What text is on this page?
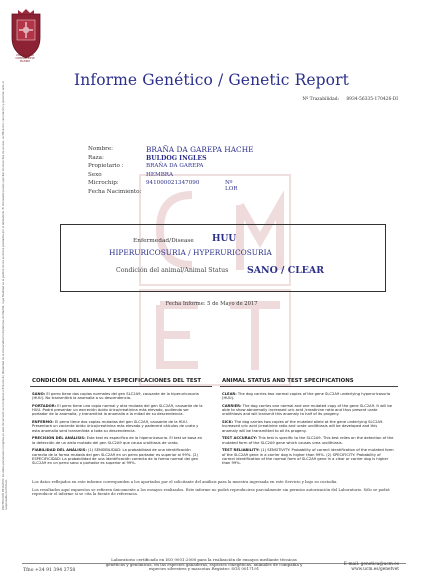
UNIVERSIDAD
COMPLUTENSE
MADRID
PROTECCIÓN DE DATOS: los datos personales recogidos en este documento se incorporan a ficheros de titularidad de la Universidad Complutense de Madrid, cuya finalidad es la gestión de los servicios prestados por el laboratorio. El interesado puede ejercitar los derechos de acceso, rectificación, cancelación y oposición ante el responsable del fichero.
Informe Genético / Genetic Report
Nº Trazabilidad: 8934-56335-170426-DI
Nombre:	BRAÑA DA GAREPA HACHE
Raza:	BULDOG INGLES
Propietario :	BRAÑA DA GAREPA
Sexo	HEMBRA
Microchip:	941000021347090	Nº LOR
Fecha Nacimiento:
Enfermedad/Disease HUU
HIPERURICOSURIA / HYPERURICOSURIA
Condición del animal/Animal Status SANO / CLEAR
Fecha Informe: 5 de Mayo de 2017
CONDICIÓN DEL ANIMAL Y ESPECIFICACIONES DEL TEST	ANIMAL STATUS AND TEST SPECIFICATIONS

SANO: El perro tiene dos copias normales del gen SLC2A9, causante de la hiperuricosuria (HUU). No transmitirá la anomalía a su descendencia.

PORTADOR: El perro tiene una copia normal y otra mutada del gen SLC2A9, causante de la HUU. Podrá presentar un excreción ácido úrico/creatinina más elevado, pudiendo ser portador de la anomalía, y transmitirá la anomalía a la mitad de su descendencia.

ENFERMO: El perro tiene dos copias mutadas del gen SLC2A9, causante de la HUU. Presentará un cociente ácido úrico/creatinina más elevado y padecerá cálculos de urato y esta anomalía será transmitida a toda su descendencia.

PRECISIÓN DEL ANÁLISIS: Este test es específico de la hiperuricosuria. El test se basa en la detección de un alelo mutado del gen SLC2A9 que causa urolitiasis de urato.

FIABILIDAD DEL ANÁLISIS: (1) SENSIBILIDAD: La probabilidad de una identificación correcta de la forma mutada del gen SLC2A9 en un perro portador es superior al 99%. (2) ESPECIFICIDAD: La probabilidad de una identificación correcta de la forma normal del gen SLC2A9 en un perro sano o portador es superior al 99%.

CLEAR: The dog carries two normal copies of the gene SLC2A9 underlying hyperuricosuria (HUU).

CARRIER: The dog carries one normal and one mutated copy of the gene SLC2A9. It will be able to show abnormally increased uric acid /creatinine ratio and thus present urate urolithiasis and will transmit this anomaly to half of its progeny.

SICK: The dog carries two copies of the mutated allele at the gene underlying SLC2A9. Increased uric acid /creatinine ratio and urate urolithiasis will be developed and this anomaly will be transmitted to all its progeny.

TEST ACCURACY: This test is specific to the SLC2A9. This test relies on the detection of the mutated form of the SLC2A9 gene which causes urea urolithiasis.

TEST RELIABILITY: (1) SENSITIVITY: Probability of correct identification of the mutated form of the SLC2A9 gene in a carrier dog is higher than 99%. (2) SPECIFICITY: Probability of correct identification of the normal form of SLC2A9 gene in a clear or carrier dog is higher than 99%.

Los datos reflejados en este informe corresponden a los aportados por el solicitante del análisis para la muestra ingresada en este Servicio y bajo su custodia.

Los resultados aquí expuestos se refieren únicamente a los ensayos realizados. Este informe no podrá reproducirse parcialmente sin permiso autorización del Laboratorio. Sólo se podrá reproducir el informe si se cita la fuente de referencia.

Tfno +34 91 394 3758
Laboratorio certificado en ISO 9001:2008 para la realización de ensayos mediante técnicas genéticas y genómicas, en las especies ganaderas, especies cinegéticas, animales de compañía y especies silvestres y mascotas Registro: SGS 0017191
E-mail: genetica@ucm.es
www.ucm.es/genetvet
